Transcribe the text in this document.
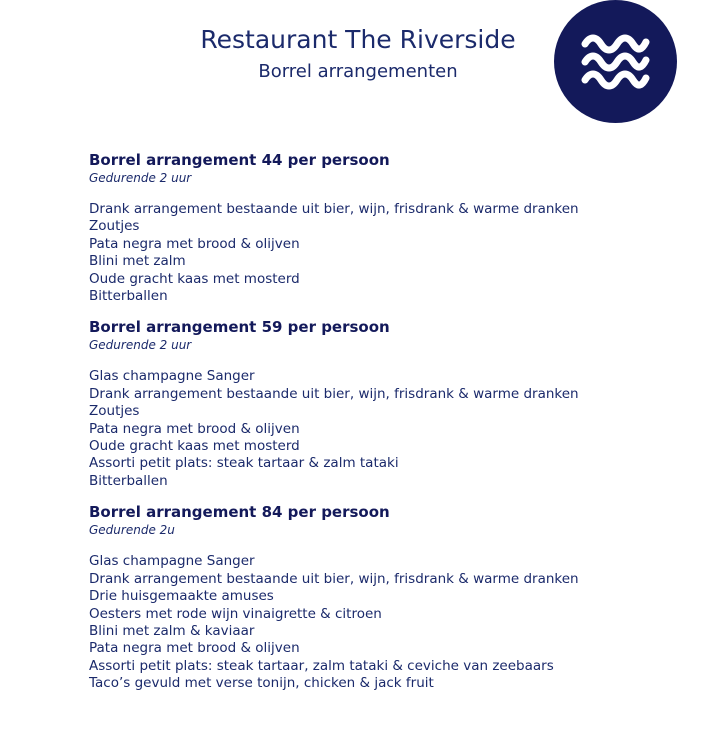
Restaurant The Riverside
Borrel arrangementen
Borrel arrangement 44 per persoon
Gedurende 2 uur
Drank arrangement bestaande uit bier, wijn, frisdrank & warme dranken
Zoutjes
Pata negra met brood & olijven
Blini met zalm
Oude gracht kaas met mosterd
Bitterballen
Borrel arrangement 59 per persoon
Gedurende 2 uur
Glas champagne Sanger
Drank arrangement bestaande uit bier, wijn, frisdrank & warme dranken
Zoutjes
Pata negra met brood & olijven
Oude gracht kaas met mosterd
Assorti petit plats: steak tartaar & zalm tataki
Bitterballen
Borrel arrangement 84 per persoon
Gedurende 2u
Glas champagne Sanger
Drank arrangement bestaande uit bier, wijn, frisdrank & warme dranken
Drie huisgemaakte amuses
Oesters met rode wijn vinaigrette & citroen
Blini met zalm & kaviaar
Pata negra met brood & olijven
Assorti petit plats: steak tartaar, zalm tataki & ceviche van zeebaars
Taco’s gevuld met verse tonijn, chicken & jack fruit
